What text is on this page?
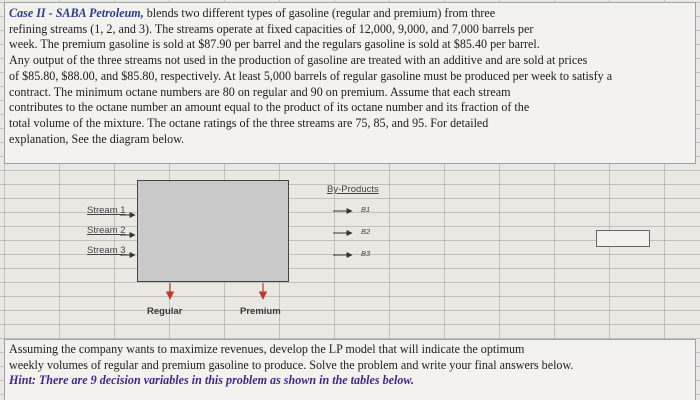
Case II - SABA Petroleum, blends two different types of gasoline (regular and premium) from three

refining streams (1, 2, and 3). The streams operate at fixed capacities of 12,000, 9,000, and 7,000 barrels per

week. The premium gasoline is sold at $87.90 per barrel and the regulars gasoline is sold at $85.40 per barrel.

Any output of the three streams not used in the production of gasoline are treated with an additive and are sold at prices

of $85.80, $88.00, and $85.80, respectively. At least 5,000 barrels of regular gasoline must be produced per week to satisfy a

contract. The minimum octane numbers are 80 on regular and 90 on premium. Assume that each stream

contributes to the octane number an amount equal to the product of its octane number and its fraction of the

total volume of the mixture. The octane ratings of the three streams are 75, 85, and 95. For detailed

explanation, See the diagram below.

By-Products
Stream 1
Stream 2
Stream 3
B1
B2
B3
Regular	Premium

Assuming the company wants to maximize revenues, develop the LP model that will indicate the optimum

weekly volumes of regular and premium gasoline to produce. Solve the problem and write your final answers below.

Hint: There are 9 decision variables in this problem as shown in the tables below.
